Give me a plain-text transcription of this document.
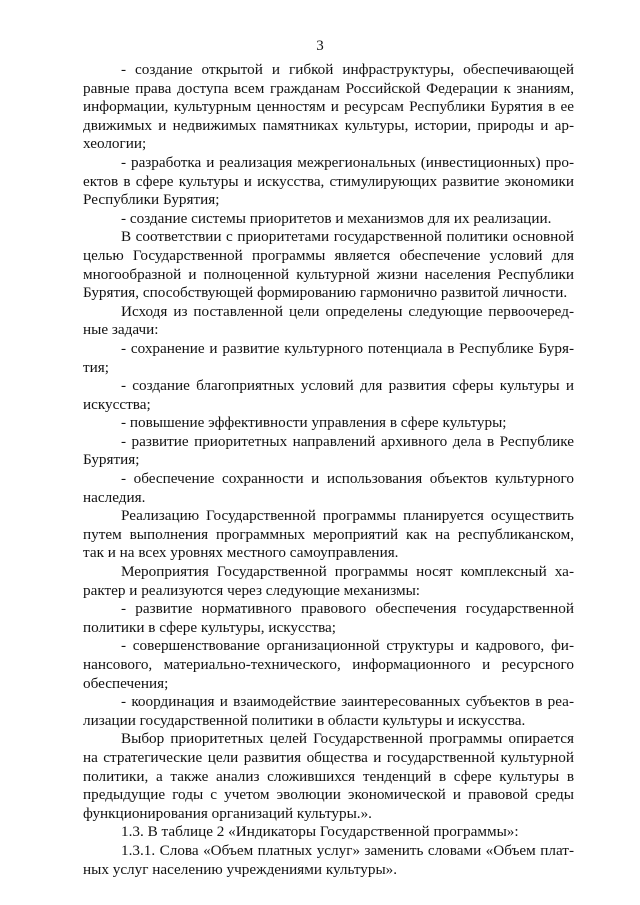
3

- создание открытой и гибкой инфраструктуры, обеспечивающей равные права доступа всем гражданам Российской Федерации к знаниям, информации, культурным ценностям и ресурсам Республики Бурятия в ее движимых и недвижимых памятниках культуры, истории, природы и археологии;

- разработка и реализация межрегиональных (инвестиционных) проектов в сфере культуры и искусства, стимулирующих развитие экономики Республики Бурятия;

- создание системы приоритетов и механизмов для их реализации.

В соответствии с приоритетами государственной политики основной целью Государственной программы является обеспечение условий для многообразной и полноценной культурной жизни населения Республики Бурятия, способствующей формированию гармонично развитой личности.

Исходя из поставленной цели определены следующие первоочередные задачи:

- сохранение и развитие культурного потенциала в Республике Бурятия;

- создание благоприятных условий для развития сферы культуры и искусства;

- повышение эффективности управления в сфере культуры;

- развитие приоритетных направлений архивного дела в Республике Бурятия;

- обеспечение сохранности и использования объектов культурного наследия.

Реализацию Государственной программы планируется осуществить путем выполнения программных мероприятий как на республиканском, так и на всех уровнях местного самоуправления.

Мероприятия Государственной программы носят комплексный характер и реализуются через следующие механизмы:

- развитие нормативного правового обеспечения государственной политики в сфере культуры, искусства;

- совершенствование организационной структуры и кадрового, финансового, материально-технического, информационного и ресурсного обеспечения;

- координация и взаимодействие заинтересованных субъектов в реализации государственной политики в области культуры и искусства.

Выбор приоритетных целей Государственной программы опирается на стратегические цели развития общества и государственной культурной политики, а также анализ сложившихся тенденций в сфере культуры в предыдущие годы с учетом эволюции экономической и правовой среды функционирования организаций культуры.».

1.3. В таблице 2 «Индикаторы Государственной программы»:

1.3.1. Слова «Объем платных услуг» заменить словами «Объем платных услуг населению учреждениями культуры».
